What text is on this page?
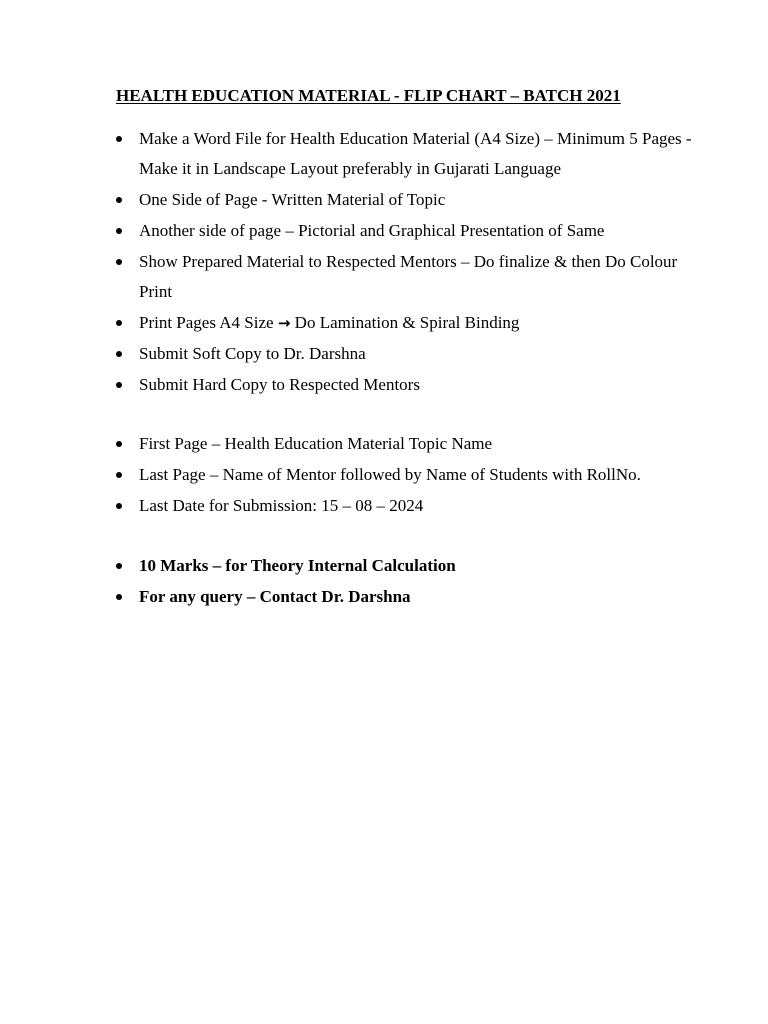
HEALTH EDUCATION MATERIAL - FLIP CHART – BATCH 2021
Make a Word File for Health Education Material (A4 Size) – Minimum 5 Pages - Make it in Landscape Layout preferably in Gujarati Language
One Side of Page - Written Material of Topic
Another side of page – Pictorial and Graphical Presentation of Same
Show Prepared Material to Respected Mentors – Do finalize & then Do Colour Print
Print Pages A4 Size → Do Lamination & Spiral Binding
Submit Soft Copy to Dr. Darshna
Submit Hard Copy to Respected Mentors
First Page – Health Education Material Topic Name
Last Page – Name of Mentor followed by Name of Students with RollNo.
Last Date for Submission: 15 – 08 – 2024
10 Marks – for Theory Internal Calculation
For any query – Contact Dr. Darshna
